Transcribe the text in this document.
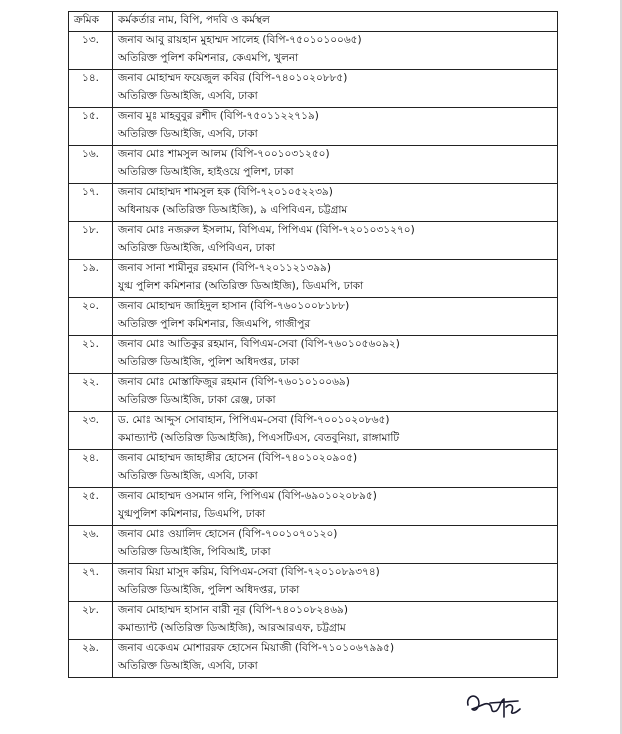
ক্রমিক	কর্মকর্তার নাম, বিপি, পদবি ও কর্মস্থল
১৩.	জনাব আবু রায়হান মুহাম্মদ সালেহ (বিপি-৭৫০১০১০০৬৫)
অতিরিক্ত পুলিশ কমিশনার, কেএমপি, খুলনা

১৪.	জনাব মোহাম্মদ ফয়েজুল কবির (বিপি-৭৪০১০২০৮৮৫)
অতিরিক্ত ডিআইজি, এসবি, ঢাকা

১৫.	জনাব মুঃ মাহবুবুর রশীদ (বিপি-৭৫০১১২২৭১৯)
অতিরিক্ত ডিআইজি, এসবি, ঢাকা

১৬.	জনাব মোঃ শামসুল আলম (বিপি-৭০০১০৩১২৫০)
অতিরিক্ত ডিআইজি, হাইওয়ে পুলিশ, ঢাকা

১৭.	জনাব মোহাম্মদ শামসুল হক (বিপি-৭২০১০৫২২৩৯)
অধিনায়ক (অতিরিক্ত ডিআইজি), ৯ এপিবিএন, চট্টগ্রাম

১৮.	জনাব মোঃ নজরুল ইসলাম, বিপিএম, পিপিএম (বিপি-৭২০১০৩১২৭০)
অতিরিক্ত ডিআইজি, এপিবিএন, ঢাকা

১৯.	জনাব সানা শামীনুর রহমান (বিপি-৭২০১১২১৩৯৯)
যুগ্ম পুলিশ কমিশনার (অতিরিক্ত ডিআইজি), ডিএমপি, ঢাকা

২০.	জনাব মোহাম্মদ জাহিদুল হাসান (বিপি-৭৬০১০০৮১৮৮)
অতিরিক্ত পুলিশ কমিশনার, জিএমপি, গাজীপুর

২১.	জনাব মোঃ আতিকুর রহমান, বিপিএম-সেবা (বিপি-৭৬০১০৫৬০৯২)
অতিরিক্ত ডিআইজি, পুলিশ অধিদপ্তর, ঢাকা

২২.	জনাব মোঃ মোস্তাফিজুর রহমান (বিপি-৭৬০১০১০০৬৯)
অতিরিক্ত ডিআইজি, ঢাকা রেঞ্জ, ঢাকা

২৩.	ড. মোঃ আব্দুস সোবাহান, পিপিএম-সেবা (বিপি-৭০০১০২০৮৬৫)
কমান্ড্যান্ট (অতিরিক্ত ডিআইজি), পিএসটিএস, বেতবুনিয়া, রাঙ্গামাটি

২৪.	জনাব মোহাম্মদ জাহাঙ্গীর হোসেন (বিপি-৭৪০১০২০৯০৫)
অতিরিক্ত ডিআইজি, এসবি, ঢাকা

২৫.	জনাব মোহাম্মদ ওসমান গনি, পিপিএম (বিপি-৬৯০১০২০৮৯৫)
যুগ্মপুলিশ কমিশনার, ডিএমপি, ঢাকা

২৬.	জনাব মোঃ ওয়ালিদ হোসেন (বিপি-৭০০১০৭০১২০)
অতিরিক্ত ডিআইজি, পিবিআই, ঢাকা

২৭.	জনাব মিয়া মাসুদ করিম, বিপিএম-সেবা (বিপি-৭২০১০৮৯৩৭৪)
অতিরিক্ত ডিআইজি, পুলিশ অধিদপ্তর, ঢাকা

২৮.	জনাব মোহাম্মদ হাসান বারী নূর (বিপি-৭৪০১০৮২৪৬৯)
কমান্ড্যান্ট (অতিরিক্ত ডিআইজি), আরআরএফ, চট্টগ্রাম

২৯.	জনাব একেএম মোশাররফ হোসেন মিয়াজী (বিপি-৭১০১০৬৭৯৯৫)
অতিরিক্ত ডিআইজি, এসবি, ঢাকা
